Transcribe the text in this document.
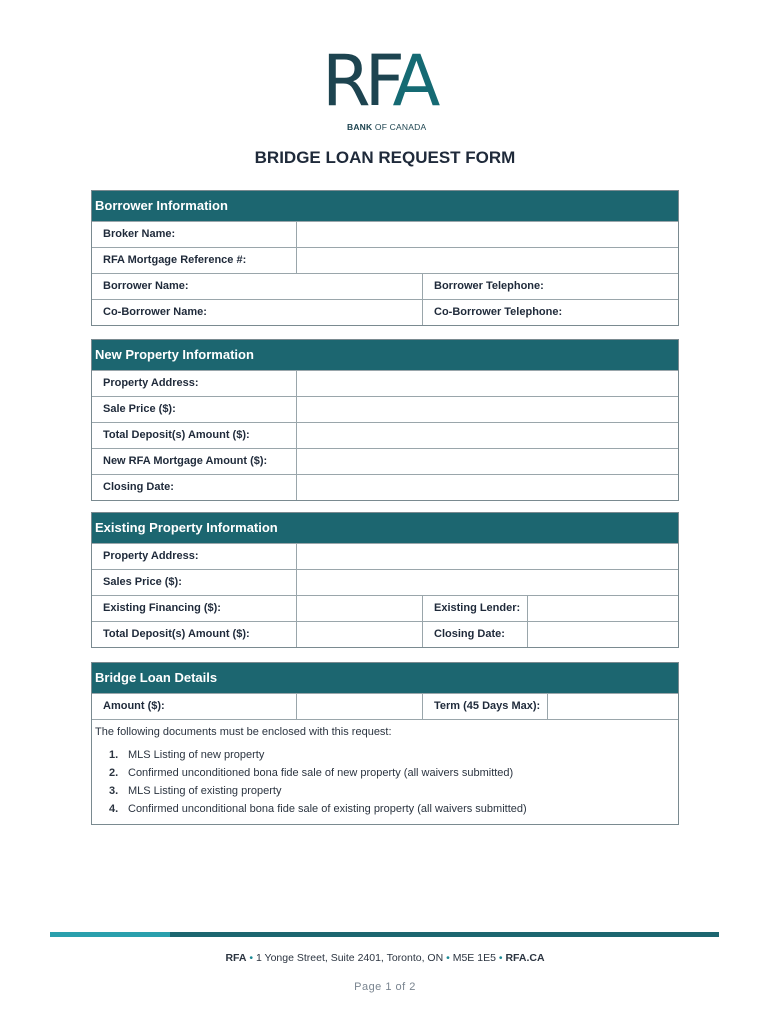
RFA
BANK OF CANADA
BRIDGE LOAN REQUEST FORM
Borrower Information
Broker Name:
RFA Mortgage Reference #:
Borrower Name:	Borrower Telephone:
Co-Borrower Name:	Co-Borrower Telephone:
New Property Information
Property Address:
Sale Price ($):
Total Deposit(s) Amount ($):
New RFA Mortgage Amount ($):
Closing Date:
Existing Property Information
Property Address:
Sales Price ($):
Existing Financing ($):	Existing Lender:
Total Deposit(s) Amount ($):	Closing Date:
Bridge Loan Details
Amount ($):	Term (45 Days Max):
The following documents must be enclosed with this request:
1. MLS Listing of new property
2. Confirmed unconditioned bona fide sale of new property (all waivers submitted)
3. MLS Listing of existing property
4. Confirmed unconditional bona fide sale of existing property (all waivers submitted)
RFA • 1 Yonge Street, Suite 2401, Toronto, ON • M5E 1E5 • RFA.CA
Page 1 of 2
